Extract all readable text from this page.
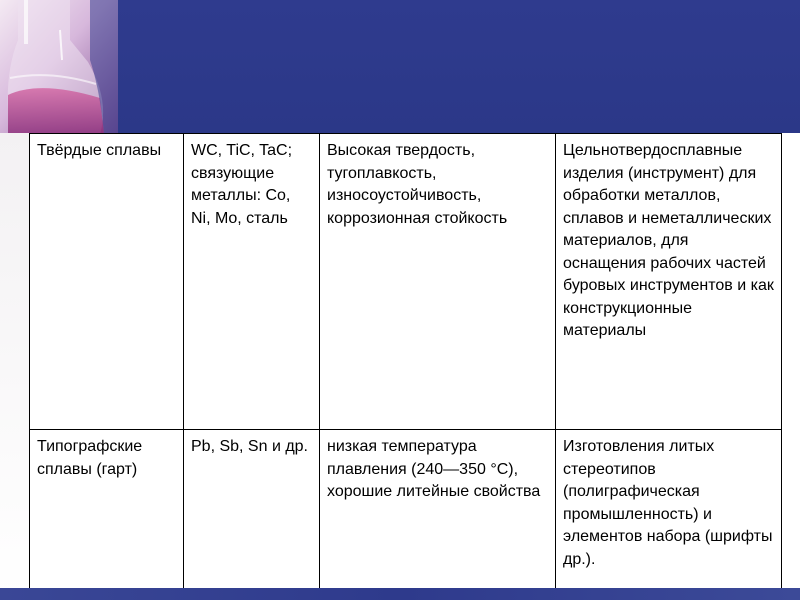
Твёрдые сплавы	WC, TiC, TaC; связующие металлы: Co, Ni, Mo, сталь	Высокая твердость, тугоплавкость, износоустойчивость, коррозионная стойкость	Цельнотвердосплавные изделия (инструмент) для обработки металлов, сплавов и неметаллических материалов, для оснащения рабочих частей буровых инструментов и как конструкционные материалы
Типографские сплавы (гарт)	Pb, Sb, Sn и др.	низкая температура плавления (240—350 °С), хорошие литейные свойства	Изготовления литых стереотипов (полиграфическая промышленность) и элементов набора (шрифты др.).
